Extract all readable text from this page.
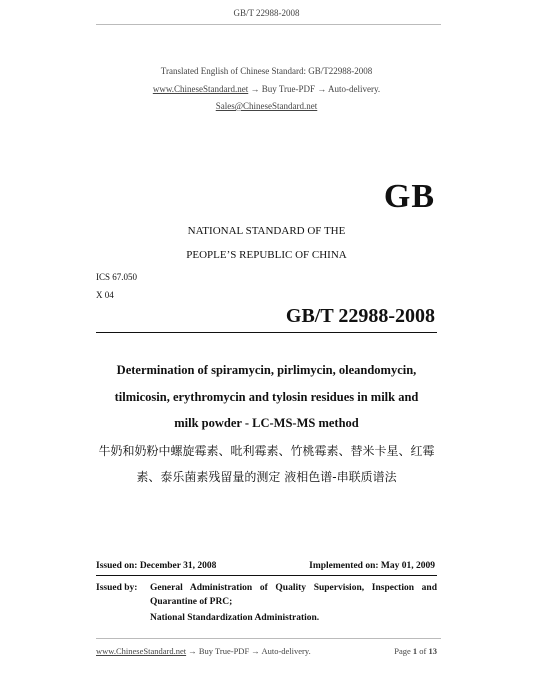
GB/T 22988-2008
Translated English of Chinese Standard: GB/T22988-2008
www.ChineseStandard.net → Buy True-PDF → Auto-delivery.
Sales@ChineseStandard.net
GB
NATIONAL STANDARD OF THE
PEOPLE’S REPUBLIC OF CHINA
ICS 67.050
X 04
GB/T 22988-2008
Determination of spiramycin, pirlimycin, oleandomycin,
tilmicosin, erythromycin and tylosin residues in milk and
milk powder - LC-MS-MS method
牛奶和奶粉中螺旋霉素、吡利霉素、竹桃霉素、替米卡星、红霉
素、泰乐菌素残留量的测定 液相色谱-串联质谱法
Issued on: December 31, 2008	Implemented on: May 01, 2009
Issued by: General Administration of Quality Supervision, Inspection and
Quarantine of PRC;
National Standardization Administration.
www.ChineseStandard.net → Buy True-PDF → Auto-delivery.	Page 1 of 13
